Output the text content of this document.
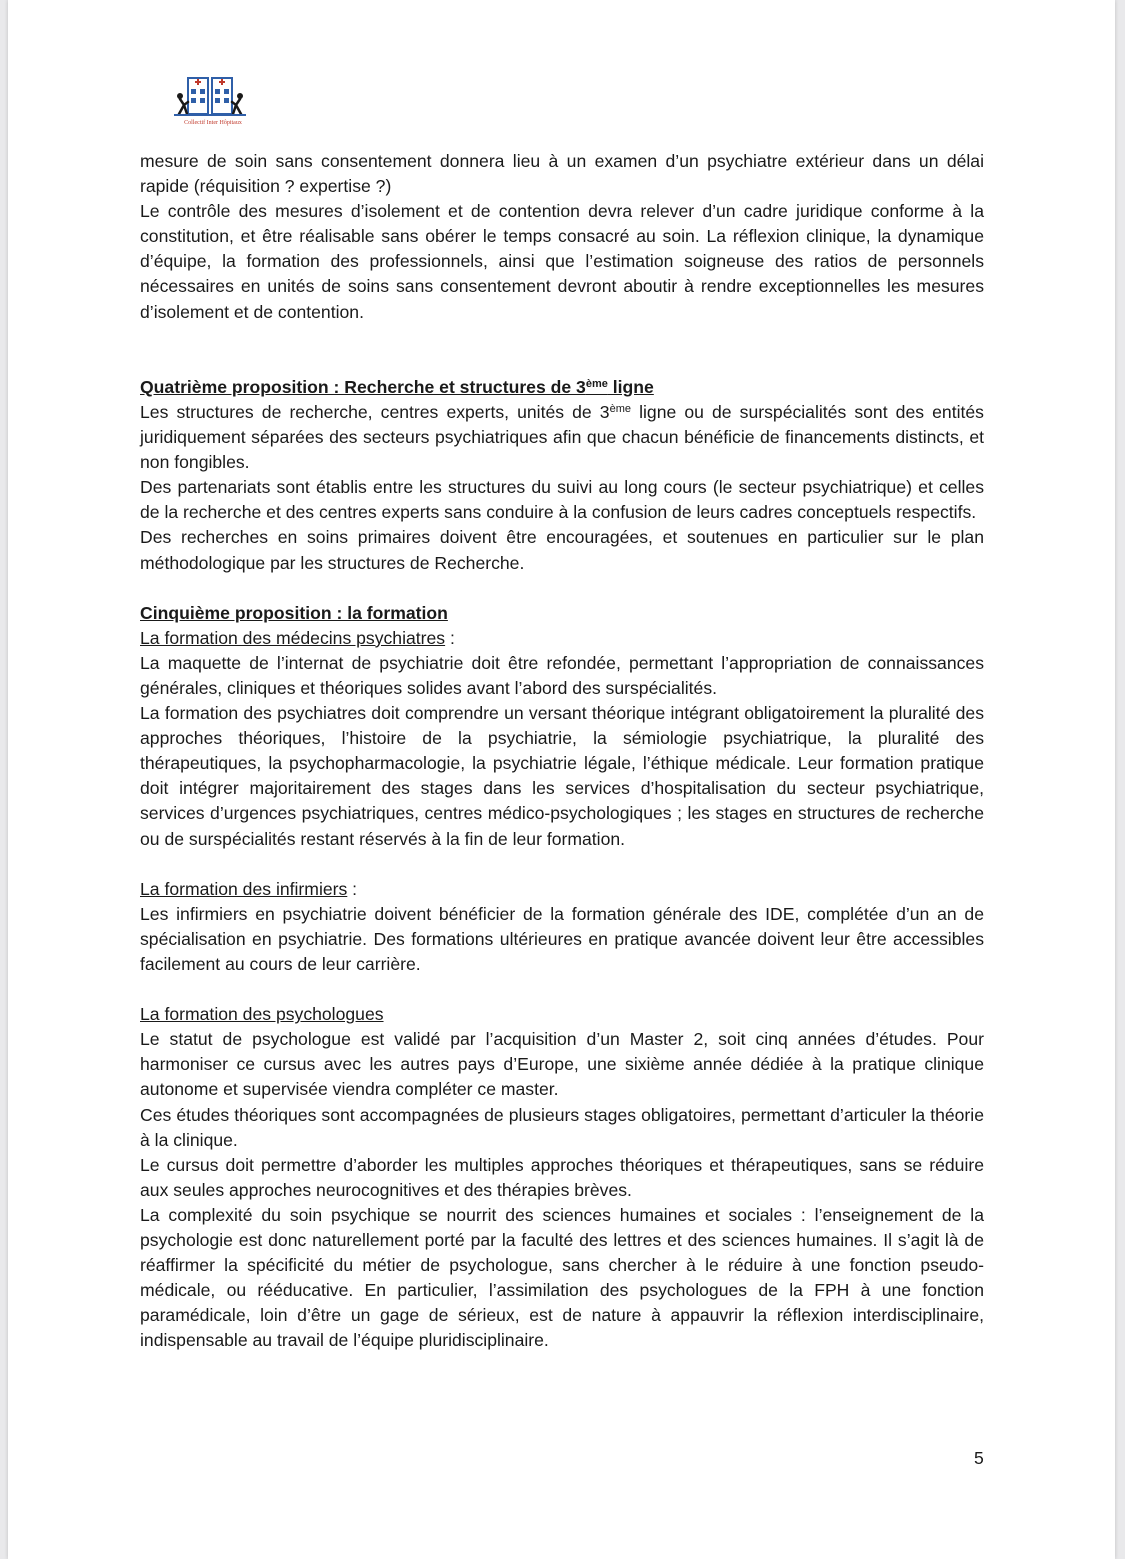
Collectif Inter Hôpitaux

mesure de soin sans consentement donnera lieu à un examen d’un psychiatre extérieur dans un délai rapide (réquisition ? expertise ?)

Le contrôle des mesures d’isolement et de contention devra relever d’un cadre juridique conforme à la constitution, et être réalisable sans obérer le temps consacré au soin. La réflexion clinique, la dynamique d’équipe, la formation des professionnels, ainsi que l’estimation soigneuse des ratios de personnels nécessaires en unités de soins sans consentement devront aboutir à rendre exceptionnelles les mesures d’isolement et de contention.

Quatrième proposition : Recherche et structures de 3ème ligne

Les structures de recherche, centres experts, unités de 3ème ligne ou de surspécialités sont des entités juridiquement séparées des secteurs psychiatriques afin que chacun bénéficie de financements distincts, et non fongibles.

Des partenariats sont établis entre les structures du suivi au long cours (le secteur psychiatrique) et celles de la recherche et des centres experts sans conduire à la confusion de leurs cadres conceptuels respectifs.

Des recherches en soins primaires doivent être encouragées, et soutenues en particulier sur le plan méthodologique par les structures de Recherche.

Cinquième proposition : la formation

La formation des médecins psychiatres :

La maquette de l’internat de psychiatrie doit être refondée, permettant l’appropriation de connaissances générales, cliniques et théoriques solides avant l’abord des surspécialités.

La formation des psychiatres doit comprendre un versant théorique intégrant obligatoirement la pluralité des approches théoriques, l’histoire de la psychiatrie, la sémiologie psychiatrique, la pluralité des thérapeutiques, la psychopharmacologie, la psychiatrie légale, l’éthique médicale. Leur formation pratique doit intégrer majoritairement des stages dans les services d’hospitalisation du secteur psychiatrique, services d’urgences psychiatriques, centres médico-psychologiques ; les stages en structures de recherche ou de surspécialités restant réservés à la fin de leur formation.

La formation des infirmiers :

Les infirmiers en psychiatrie doivent bénéficier de la formation générale des IDE, complétée d’un an de spécialisation en psychiatrie. Des formations ultérieures en pratique avancée doivent leur être accessibles facilement au cours de leur carrière.

La formation des psychologues

Le statut de psychologue est validé par l’acquisition d’un Master 2, soit cinq années d’études. Pour harmoniser ce cursus avec les autres pays d’Europe, une sixième année dédiée à la pratique clinique autonome et supervisée viendra compléter ce master.

Ces études théoriques sont accompagnées de plusieurs stages obligatoires, permettant d’articuler la théorie à la clinique.

Le cursus doit permettre d’aborder les multiples approches théoriques et thérapeutiques, sans se réduire aux seules approches neurocognitives et des thérapies brèves.

La complexité du soin psychique se nourrit des sciences humaines et sociales : l’enseignement de la psychologie est donc naturellement porté par la faculté des lettres et des sciences humaines. Il s’agit là de réaffirmer la spécificité du métier de psychologue, sans chercher à le réduire à une fonction pseudo-médicale, ou rééducative. En particulier, l’assimilation des psychologues de la FPH à une fonction paramédicale, loin d’être un gage de sérieux, est de nature à appauvrir la réflexion interdisciplinaire, indispensable au travail de l’équipe pluridisciplinaire.

5
